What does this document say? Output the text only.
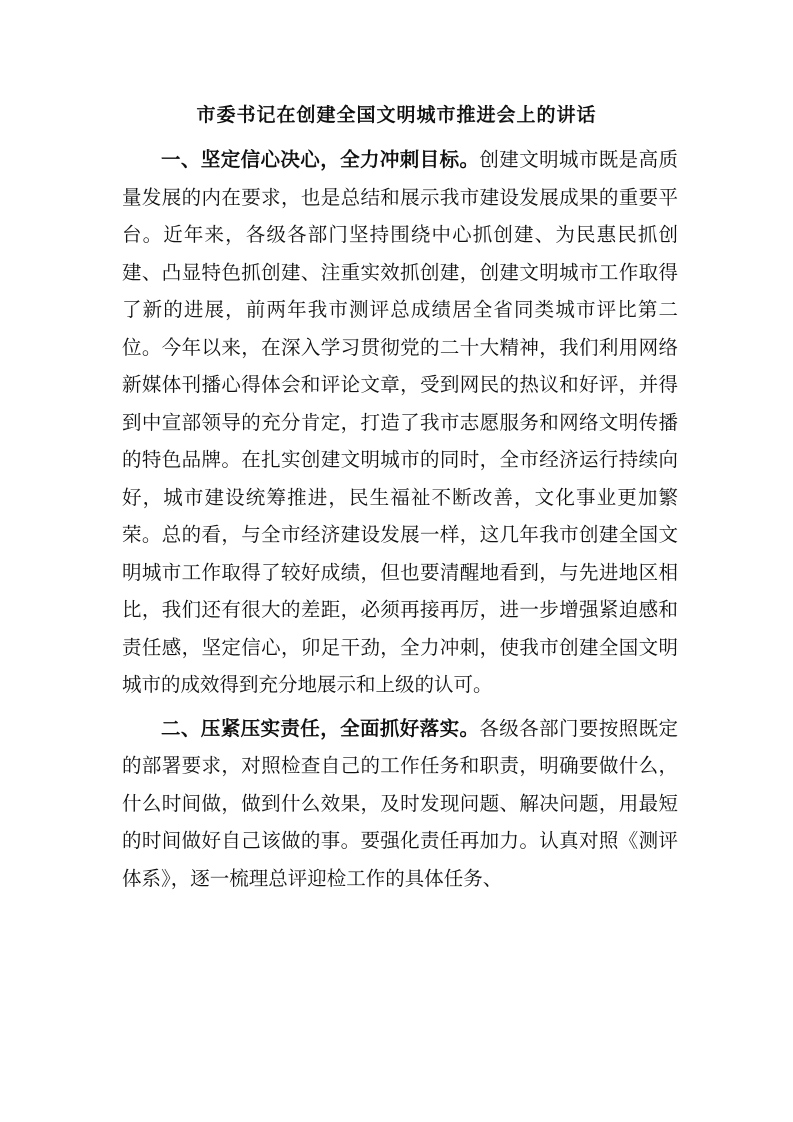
市委书记在创建全国文明城市推进会上的讲话

一、坚定信心决心，全力冲刺目标。创建文明城市既是高质量发展的内在要求，也是总结和展示我市建设发展成果的重要平台。近年来，各级各部门坚持围绕中心抓创建、为民惠民抓创建、凸显特色抓创建、注重实效抓创建，创建文明城市工作取得了新的进展，前两年我市测评总成绩居全省同类城市评比第二位。今年以来，在深入学习贯彻党的二十大精神，我们利用网络新媒体刊播心得体会和评论文章，受到网民的热议和好评，并得到中宣部领导的充分肯定，打造了我市志愿服务和网络文明传播的特色品牌。在扎实创建文明城市的同时，全市经济运行持续向好，城市建设统筹推进，民生福祉不断改善，文化事业更加繁荣。总的看，与全市经济建设发展一样，这几年我市创建全国文明城市工作取得了较好成绩，但也要清醒地看到，与先进地区相比，我们还有很大的差距，必须再接再厉，进一步增强紧迫感和责任感，坚定信心，卯足干劲，全力冲刺，使我市创建全国文明城市的成效得到充分地展示和上级的认可。

二、压紧压实责任，全面抓好落实。各级各部门要按照既定的部署要求，对照检查自己的工作任务和职责，明确要做什么，什么时间做，做到什么效果，及时发现问题、解决问题，用最短的时间做好自己该做的事。要强化责任再加力。认真对照《测评体系》，逐一梳理总评迎检工作的具体任务、
